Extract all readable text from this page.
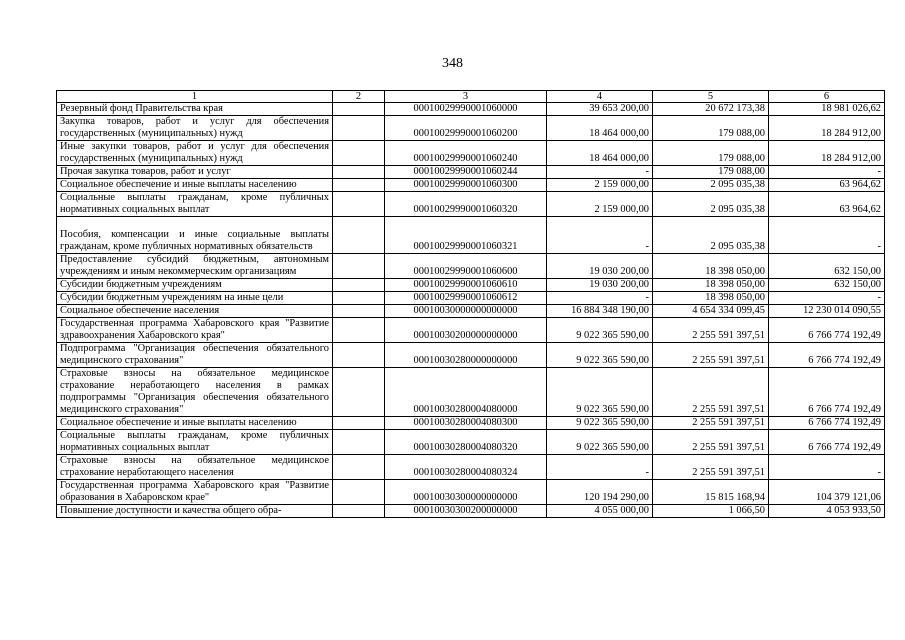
348
1	2	3	4	5	6
Резервный фонд Правительства края		00010029990001060000	39 653 200,00	20 672 173,38	18 981 026,62
Закупка товаров, работ и услуг для обеспечения государственных (муниципальных) нужд		00010029990001060200	18 464 000,00	179 088,00	18 284 912,00
Иные закупки товаров, работ и услуг для обеспечения государственных (муниципальных) нужд		00010029990001060240	18 464 000,00	179 088,00	18 284 912,00
Прочая закупка товаров, работ и услуг		00010029990001060244	-	179 088,00	-
Социальное обеспечение и иные выплаты населению		00010029990001060300	2 159 000,00	2 095 035,38	63 964,62
Социальные выплаты гражданам, кроме публичных нормативных социальных выплат		00010029990001060320	2 159 000,00	2 095 035,38	63 964,62
Пособия, компенсации и иные социальные выплаты гражданам, кроме публичных нормативных обязательств		00010029990001060321	-	2 095 035,38	-
Предоставление субсидий бюджетным, автономным учреждениям и иным некоммерческим организациям		00010029990001060600	19 030 200,00	18 398 050,00	632 150,00
Субсидии бюджетным учреждениям		00010029990001060610	19 030 200,00	18 398 050,00	632 150,00
Субсидии бюджетным учреждениям на иные цели		00010029990001060612	-	18 398 050,00	-
Социальное обеспечение населения		00010030000000000000	16 884 348 190,00	4 654 334 099,45	12 230 014 090,55
Государственная программа Хабаровского края "Развитие здравоохранения Хабаровского края"		00010030200000000000	9 022 365 590,00	2 255 591 397,51	6 766 774 192,49
Подпрограмма "Организация обеспечения обязательного медицинского страхования"		00010030280000000000	9 022 365 590,00	2 255 591 397,51	6 766 774 192,49
Страховые взносы на обязательное медицинское страхование неработающего населения в рамках подпрограммы "Организация обеспечения обязательного медицинского страхования"		00010030280004080000	9 022 365 590,00	2 255 591 397,51	6 766 774 192,49
Социальное обеспечение и иные выплаты населению		00010030280004080300	9 022 365 590,00	2 255 591 397,51	6 766 774 192,49
Социальные выплаты гражданам, кроме публичных нормативных социальных выплат		00010030280004080320	9 022 365 590,00	2 255 591 397,51	6 766 774 192,49
Страховые взносы на обязательное медицинское страхование неработающего населения		00010030280004080324	-	2 255 591 397,51	-
Государственная программа Хабаровского края "Развитие образования в Хабаровском крае"		00010030300000000000	120 194 290,00	15 815 168,94	104 379 121,06
Повышение доступности и качества общего обра-		00010030300200000000	4 055 000,00	1 066,50	4 053 933,50
